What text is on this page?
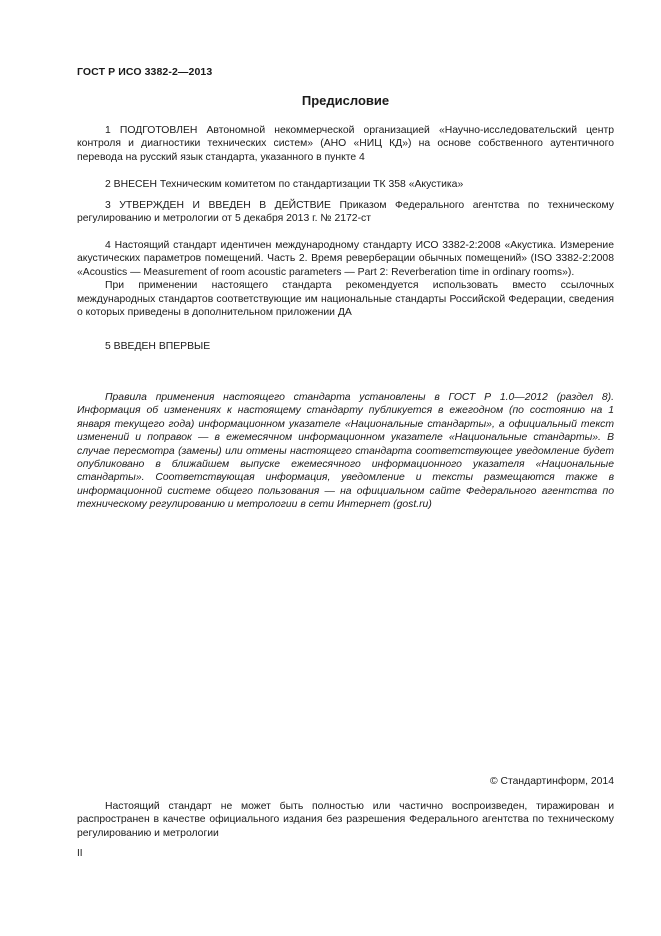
ГОСТ Р ИСО 3382-2—2013
Предисловие

1 ПОДГОТОВЛЕН Автономной некоммерческой организацией «Научно-исследовательский центр контроля и диагностики технических систем» (АНО «НИЦ КД») на основе собственного аутентичного перевода на русский язык стандарта, указанного в пункте 4

2 ВНЕСЕН Техническим комитетом по стандартизации ТК 358 «Акустика»

3 УТВЕРЖДЕН И ВВЕДЕН В ДЕЙСТВИЕ Приказом Федерального агентства по техническому регулированию и метрологии от 5 декабря 2013 г. № 2172-ст

4 Настоящий стандарт идентичен международному стандарту ИСО 3382-2:2008 «Акустика. Измерение акустических параметров помещений. Часть 2. Время реверберации обычных помещений» (ISO 3382-2:2008 «Acoustics — Measurement of room acoustic parameters — Part 2: Reverberation time in ordinary rooms»).

При применении настоящего стандарта рекомендуется использовать вместо ссылочных международных стандартов соответствующие им национальные стандарты Российской Федерации, сведения о которых приведены в дополнительном приложении ДА

5 ВВЕДЕН ВПЕРВЫЕ

Правила применения настоящего стандарта установлены в ГОСТ Р 1.0—2012 (раздел 8). Информация об изменениях к настоящему стандарту публикуется в ежегодном (по состоянию на 1 января текущего года) информационном указателе «Национальные стандарты», а официальный текст изменений и поправок — в ежемесячном информационном указателе «Национальные стандарты». В случае пересмотра (замены) или отмены настоящего стандарта соответствующее уведомление будет опубликовано в ближайшем выпуске ежемесячного информационного указателя «Национальные стандарты». Соответствующая информация, уведомление и тексты размещаются также в информационной системе общего пользования — на официальном сайте Федерального агентства по техническому регулированию и метрологии в сети Интернет (gost.ru)

© Стандартинформ, 2014

Настоящий стандарт не может быть полностью или частично воспроизведен, тиражирован и распространен в качестве официального издания без разрешения Федерального агентства по техническому регулированию и метрологии

II
